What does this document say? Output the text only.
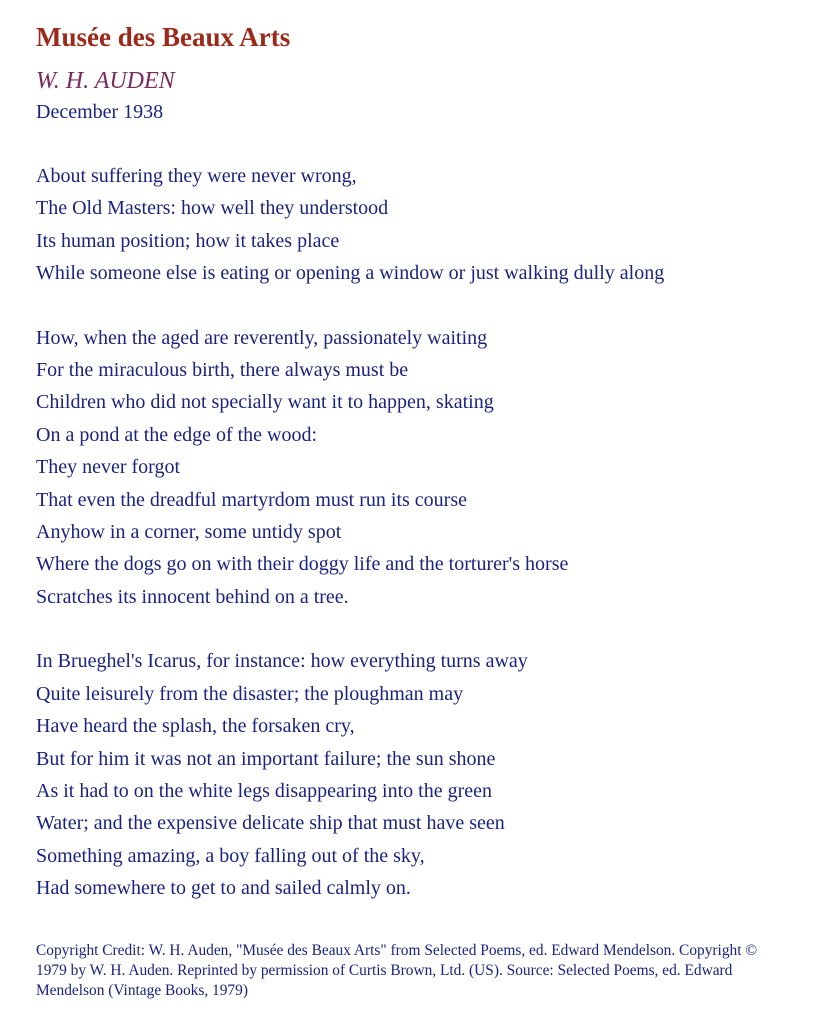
Musée des Beaux Arts
W. H. AUDEN
December 1938
About suffering they were never wrong,
The Old Masters: how well they understood
Its human position; how it takes place
While someone else is eating or opening a window or just walking dully along
How, when the aged are reverently, passionately waiting
For the miraculous birth, there always must be
Children who did not specially want it to happen, skating
On a pond at the edge of the wood:
They never forgot
That even the dreadful martyrdom must run its course
Anyhow in a corner, some untidy spot
Where the dogs go on with their doggy life and the torturer's horse
Scratches its innocent behind on a tree.
In Brueghel's Icarus, for instance: how everything turns away
Quite leisurely from the disaster; the ploughman may
Have heard the splash, the forsaken cry,
But for him it was not an important failure; the sun shone
As it had to on the white legs disappearing into the green
Water; and the expensive delicate ship that must have seen
Something amazing, a boy falling out of the sky,
Had somewhere to get to and sailed calmly on.
Copyright Credit: W. H. Auden, "Musée des Beaux Arts" from Selected Poems, ed. Edward Mendelson. Copyright ©
1979 by W. H. Auden. Reprinted by permission of Curtis Brown, Ltd. (US). Source: Selected Poems, ed. Edward
Mendelson (Vintage Books, 1979)
